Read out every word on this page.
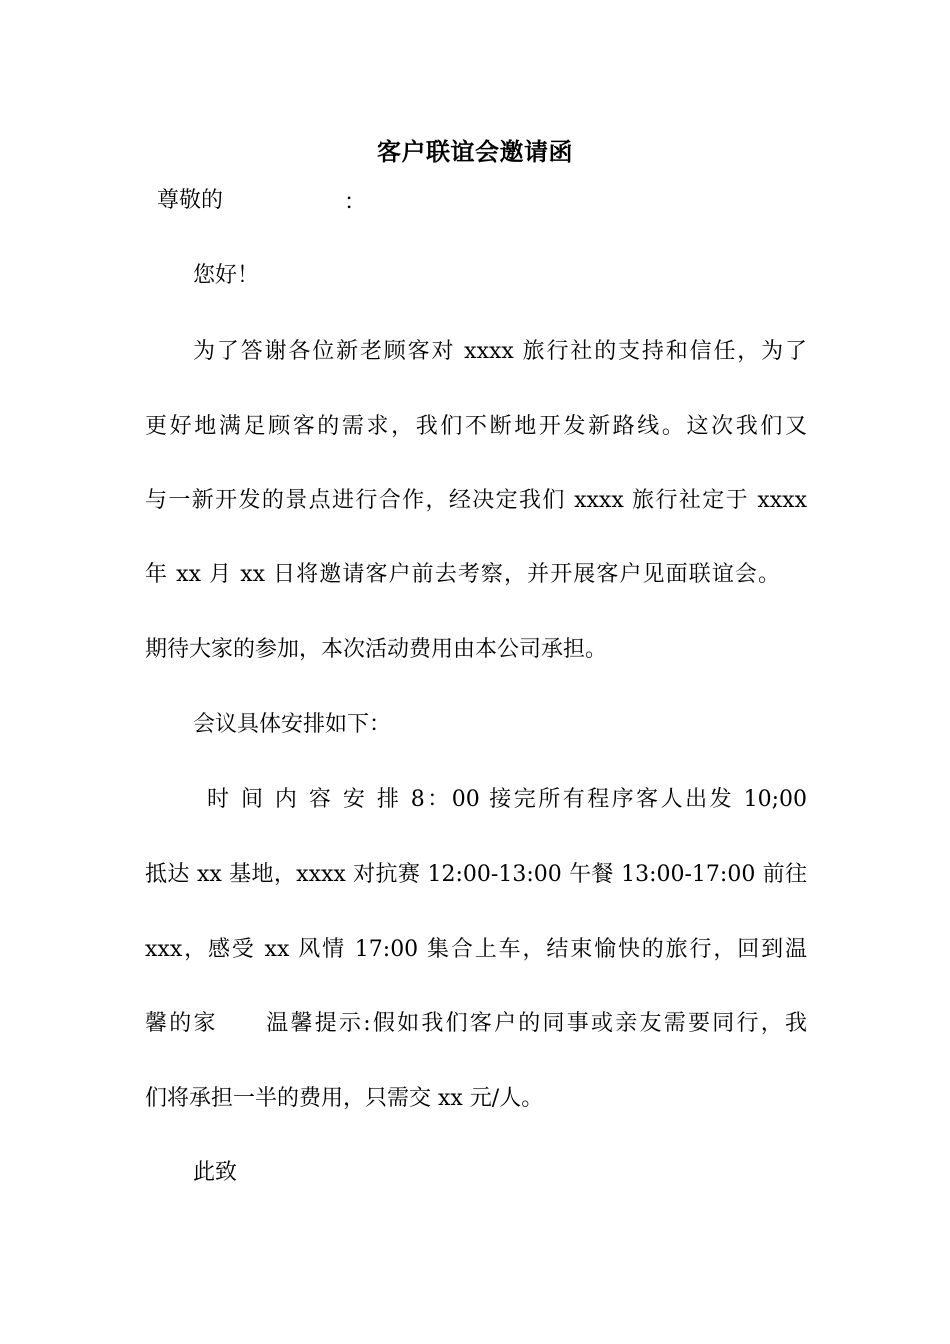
客户联谊会邀请函
尊敬的	：
您好！
为了答谢各位新老顾客对 xxxx 旅行社的支持和信任，为了
更好地满足顾客的需求，我们不断地开发新路线。这次我们又
与一新开发的景点进行合作，经决定我们 xxxx 旅行社定于 xxxx
年 xx 月 xx 日将邀请客户前去考察，并开展客户见面联谊会。
期待大家的参加，本次活动费用由本公司承担。
会议具体安排如下：
时 间 内 容 安 排 8：00 接完所有程序客人出发 10;00
抵达 xx 基地，xxxx 对抗赛 12:00-13:00 午餐 13:00-17:00 前往
xxx，感受 xx 风情 17:00 集合上车，结束愉快的旅行，回到温
馨的家　　温馨提示:假如我们客户的同事或亲友需要同行，我
们将承担一半的费用，只需交 xx 元/人。
此致
